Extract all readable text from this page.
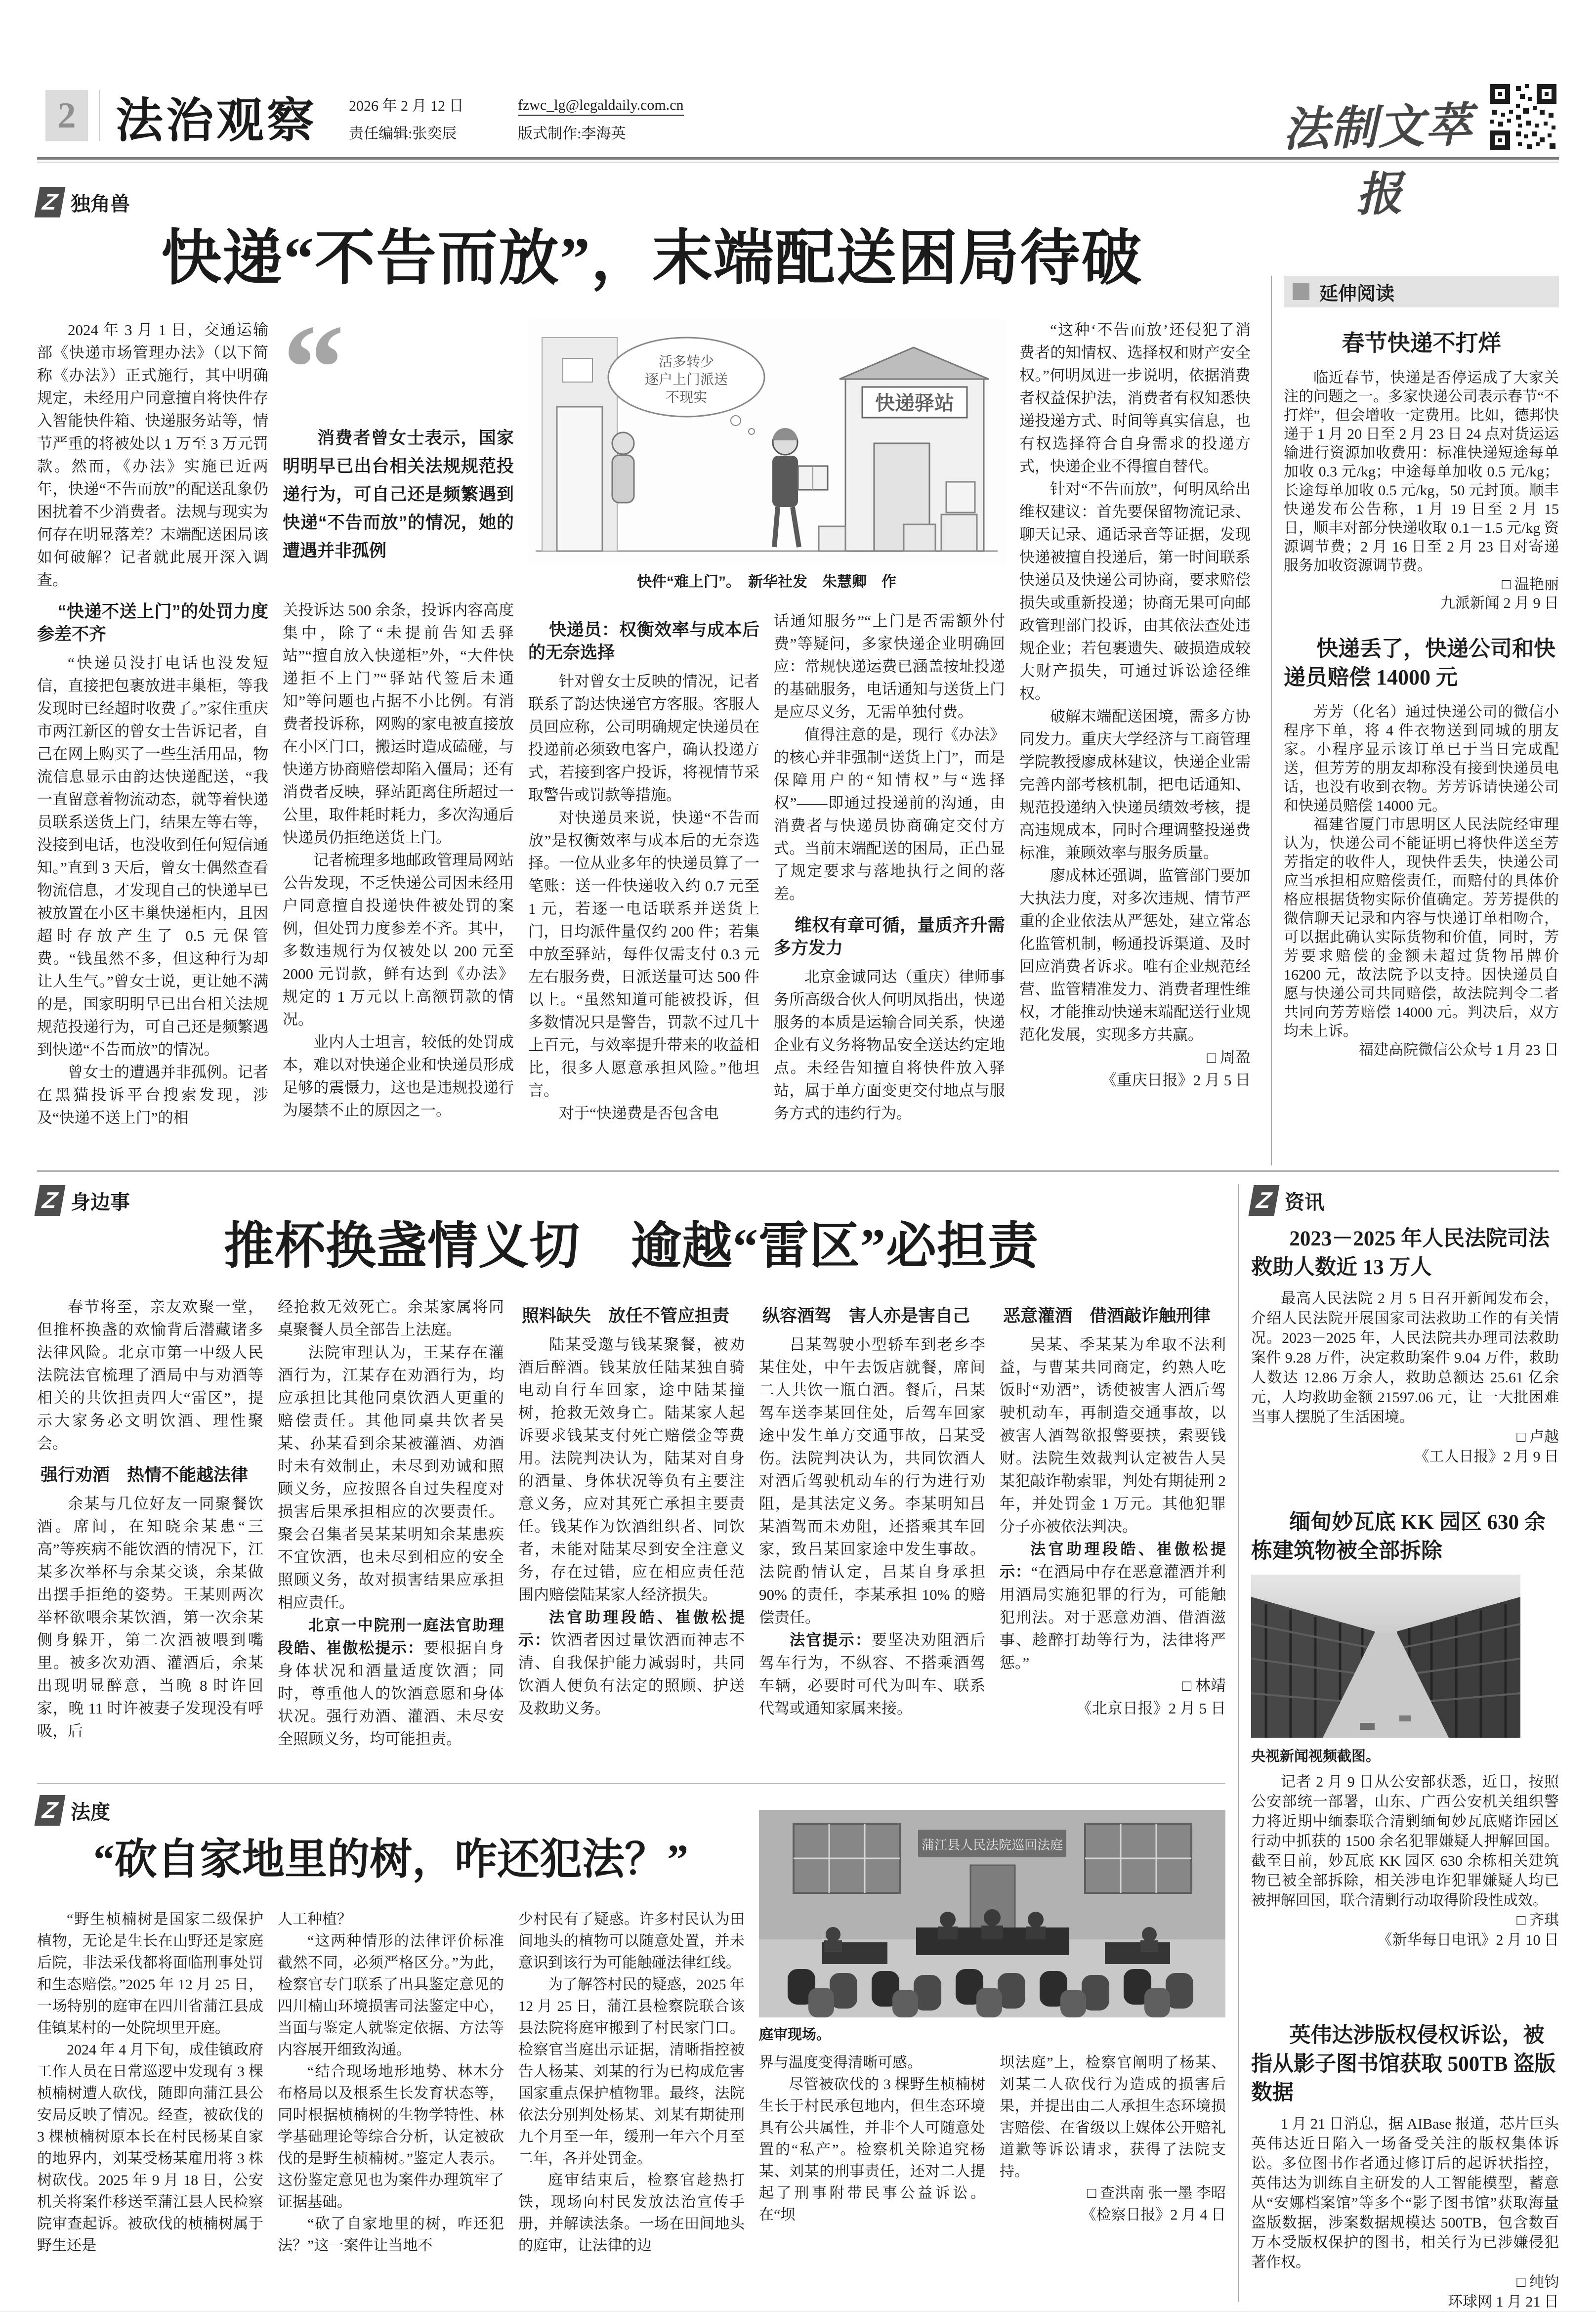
2 法治观察 2026 年 2 月 12 日
责任编辑:张奕辰
fzwc_lg@legaldaily.com.cn
版式制作:李海英	法制文萃报
Z 独角兽
快递“不告而放”，末端配送困局待破

2024 年 3 月 1 日，交通运输部《快递市场管理办法》（以下简称《办法》）正式施行，其中明确规定，未经用户同意擅自将快件存入智能快件箱、快递服务站等，情节严重的将被处以 1 万至 3 万元罚款。然而，《办法》实施已近两年，快递“不告而放”的配送乱象仍困扰着不少消费者。法规与现实为何存在明显落差？末端配送困局该如何破解？记者就此展开深入调查。

“快递不送上门”的处罚力度参差不齐

“快递员没打电话也没发短信，直接把包裹放进丰巢柜，等我发现时已经超时收费了。”家住重庆市两江新区的曾女士告诉记者，自己在网上购买了一些生活用品，物流信息显示由韵达快递配送，“我一直留意着物流动态，就等着快递员联系送货上门，结果左等右等，没接到电话，也没收到任何短信通知。”直到 3 天后，曾女士偶然查看物流信息，才发现自己的快递早已被放置在小区丰巢快递柜内，且因超时存放产生了 0.5 元保管费。“钱虽然不多，但这种行为却让人生气。”曾女士说，更让她不满的是，国家明明早已出台相关法规规范投递行为，可自己还是频繁遇到快递“不告而放”的情况。

曾女士的遭遇并非孤例。记者在黑猫投诉平台搜索发现，涉及“快递不送上门”的相

“
消费者曾女士表示，国家明明早已出台相关法规规范投递行为，可自己还是频繁遇到快递“不告而放”的情况，她的遭遇并非孤例

关投诉达 500 余条，投诉内容高度集中，除了“未提前告知丢驿站”“擅自放入快递柜”外，“大件快递拒不上门”“驿站代签后未通知”等问题也占据不小比例。有消费者投诉称，网购的家电被直接放在小区门口，搬运时造成磕碰，与快递方协商赔偿却陷入僵局；还有消费者反映，驿站距离住所超过一公里，取件耗时耗力，多次沟通后快递员仍拒绝送货上门。

记者梳理多地邮政管理局网站公告发现，不乏快递公司因未经用户同意擅自投递快件被处罚的案例，但处罚力度参差不齐。其中，多数违规行为仅被处以 200 元至 2000 元罚款，鲜有达到《办法》规定的 1 万元以上高额罚款的情况。

业内人士坦言，较低的处罚成本，难以对快递企业和快递员形成足够的震慑力，这也是违规投递行为屡禁不止的原因之一。

活多转少
逐户上门派送
不现实	快递驿站
快件“难上门”。　新华社发　朱慧卿　作

快递员：权衡效率与成本后的无奈选择

针对曾女士反映的情况，记者联系了韵达快递官方客服。客服人员回应称，公司明确规定快递员在投递前必须致电客户，确认投递方式，若接到客户投诉，将视情节采取警告或罚款等措施。

对快递员来说，快递“不告而放”是权衡效率与成本后的无奈选择。一位从业多年的快递员算了一笔账：送一件快递收入约 0.7 元至 1 元，若逐一电话联系并送货上门，日均派件量仅约 200 件；若集中放至驿站，每件仅需支付 0.3 元左右服务费，日派送量可达 500 件以上。“虽然知道可能被投诉，但多数情况只是警告，罚款不过几十上百元，与效率提升带来的收益相比，很多人愿意承担风险。”他坦言。

对于“快递费是否包含电

话通知服务”“上门是否需额外付费”等疑问，多家快递企业明确回应：常规快递运费已涵盖按址投递的基础服务，电话通知与送货上门是应尽义务，无需单独付费。

值得注意的是，现行《办法》的核心并非强制“送货上门”，而是保障用户的“知情权”与“选择权”——即通过投递前的沟通，由消费者与快递员协商确定交付方式。当前末端配送的困局，正凸显了规定要求与落地执行之间的落差。

维权有章可循，量质齐升需多方发力

北京金诚同达（重庆）律师事务所高级合伙人何明凤指出，快递服务的本质是运输合同关系，快递企业有义务将物品安全送达约定地点。未经告知擅自将快件放入驿站，属于单方面变更交付地点与服务方式的违约行为。

“这种‘不告而放’还侵犯了消费者的知情权、选择权和财产安全权。”何明凤进一步说明，依据消费者权益保护法，消费者有权知悉快递投递方式、时间等真实信息，也有权选择符合自身需求的投递方式，快递企业不得擅自替代。

针对“不告而放”，何明凤给出维权建议：首先要保留物流记录、聊天记录、通话录音等证据，发现快递被擅自投递后，第一时间联系快递员及快递公司协商，要求赔偿损失或重新投递；协商无果可向邮政管理部门投诉，由其依法查处违规企业；若包裹遗失、破损造成较大财产损失，可通过诉讼途径维权。

破解末端配送困境，需多方协同发力。重庆大学经济与工商管理学院教授廖成林建议，快递企业需完善内部考核机制，把电话通知、规范投递纳入快递员绩效考核，提高违规成本，同时合理调整投递费标准，兼顾效率与服务质量。

廖成林还强调，监管部门要加大执法力度，对多次违规、情节严重的企业依法从严惩处，建立常态化监管机制，畅通投诉渠道、及时回应消费者诉求。唯有企业规范经营、监管精准发力、消费者理性维权，才能推动快递末端配送行业规范化发展，实现多方共赢。

□ 周盈

《重庆日报》2 月 5 日

延伸阅读
春节快递不打烊

临近春节，快递是否停运成了大家关注的问题之一。多家快递公司表示春节“不打烊”，但会增收一定费用。比如，德邦快递于 1 月 20 日至 2 月 23 日 24 点对货运运输进行资源加收费用：标准快递短途每单加收 0.3 元/kg；中途每单加收 0.5 元/kg；长途每单加收 0.5 元/kg，50 元封顶。顺丰快递发布公告称，1 月 19 日至 2 月 15 日，顺丰对部分快递收取 0.1－1.5 元/kg 资源调节费；2 月 16 日至 2 月 23 日对寄递服务加收资源调节费。

□ 温艳丽

九派新闻 2 月 9 日

快递丢了，快递公司和快递员赔偿 14000 元

芳芳（化名）通过快递公司的微信小程序下单，将 4 件衣物送到同城的朋友家。小程序显示该订单已于当日完成配送，但芳芳的朋友却称没有接到快递员电话，也没有收到衣物。芳芳诉请快递公司和快递员赔偿 14000 元。

福建省厦门市思明区人民法院经审理认为，快递公司不能证明已将快件送至芳芳指定的收件人，现快件丢失，快递公司应当承担相应赔偿责任，而赔付的具体价格应根据货物实际价值确定。芳芳提供的微信聊天记录和内容与快递订单相吻合，可以据此确认实际货物和价值，同时，芳芳要求赔偿的金额未超过货物吊牌价 16200 元，故法院予以支持。因快递员自愿与快递公司共同赔偿，故法院判令二者共同向芳芳赔偿 14000 元。判决后，双方均未上诉。

福建高院微信公众号 1 月 23 日

Z 身边事
推杯换盏情义切　逾越“雷区”必担责

春节将至，亲友欢聚一堂，但推杯换盏的欢愉背后潜藏诸多法律风险。北京市第一中级人民法院法官梳理了酒局中与劝酒等相关的共饮担责四大“雷区”，提示大家务必文明饮酒、理性聚会。

强行劝酒　热情不能越法律

余某与几位好友一同聚餐饮酒。席间，在知晓余某患“三高”等疾病不能饮酒的情况下，江某多次举杯与余某交谈，余某做出摆手拒绝的姿势。王某则两次举杯欲喂余某饮酒，第一次余某侧身躲开，第二次酒被喂到嘴里。被多次劝酒、灌酒后，余某出现明显醉意，当晚 8 时许回家，晚 11 时许被妻子发现没有呼吸，后

经抢救无效死亡。余某家属将同桌聚餐人员全部告上法庭。

法院审理认为，王某存在灌酒行为，江某存在劝酒行为，均应承担比其他同桌饮酒人更重的赔偿责任。其他同桌共饮者吴某、孙某看到余某被灌酒、劝酒时未有效制止，未尽到劝诫和照顾义务，应按照各自过失程度对损害后果承担相应的次要责任。聚会召集者吴某某明知余某患疾不宜饮酒，也未尽到相应的安全照顾义务，故对损害结果应承担相应责任。

北京一中院刑一庭法官助理段皓、崔傲松提示：要根据自身身体状况和酒量适度饮酒；同时，尊重他人的饮酒意愿和身体状况。强行劝酒、灌酒、未尽安全照顾义务，均可能担责。

照料缺失　放任不管应担责

陆某受邀与钱某聚餐，被劝酒后醉酒。钱某放任陆某独自骑电动自行车回家，途中陆某撞树，抢救无效身亡。陆某家人起诉要求钱某支付死亡赔偿金等费用。法院判决认为，陆某对自身的酒量、身体状况等负有主要注意义务，应对其死亡承担主要责任。钱某作为饮酒组织者、同饮者，未能对陆某尽到安全注意义务，存在过错，应在相应责任范围内赔偿陆某家人经济损失。

法官助理段皓、崔傲松提示：饮酒者因过量饮酒而神志不清、自我保护能力减弱时，共同饮酒人便负有法定的照顾、护送及救助义务。

纵容酒驾　害人亦是害自己

吕某驾驶小型轿车到老乡李某住处，中午去饭店就餐，席间二人共饮一瓶白酒。餐后，吕某驾车送李某回住处，后驾车回家途中发生单方交通事故，吕某受伤。法院判决认为，共同饮酒人对酒后驾驶机动车的行为进行劝阻，是其法定义务。李某明知吕某酒驾而未劝阻，还搭乘其车回家，致吕某回家途中发生事故。法院酌情认定，吕某自身承担 90% 的责任，李某承担 10% 的赔偿责任。

法官提示：要坚决劝阻酒后驾车行为，不纵容、不搭乘酒驾车辆，必要时可代为叫车、联系代驾或通知家属来接。

恶意灌酒　借酒敲诈触刑律

吴某、季某某为牟取不法利益，与曹某共同商定，约熟人吃饭时“劝酒”，诱使被害人酒后驾驶机动车，再制造交通事故，以被害人酒驾欲报警要挟，索要钱财。法院生效裁判认定被告人吴某犯敲诈勒索罪，判处有期徒刑 2 年，并处罚金 1 万元。其他犯罪分子亦被依法判决。

法官助理段皓、崔傲松提示：“在酒局中存在恶意灌酒并利用酒局实施犯罪的行为，可能触犯刑法。对于恶意劝酒、借酒滋事、趁醉打劫等行为，法律将严惩。”

□ 林靖

《北京日报》2 月 5 日

Z 资讯
2023－2025 年人民法院司法救助人数近 13 万人

最高人民法院 2 月 5 日召开新闻发布会，介绍人民法院开展国家司法救助工作的有关情况。2023－2025 年，人民法院共办理司法救助案件 9.28 万件，决定救助案件 9.04 万件，救助人数达 12.86 万余人，救助总额达 25.61 亿余元，人均救助金额 21597.06 元，让一大批困难当事人摆脱了生活困境。

□ 卢越

《工人日报》2 月 9 日

缅甸妙瓦底 KK 园区 630 余栋建筑物被全部拆除
央视新闻视频截图。

记者 2 月 9 日从公安部获悉，近日，按照公安部统一部署，山东、广西公安机关组织警力将近期中缅泰联合清剿缅甸妙瓦底赌诈园区行动中抓获的 1500 余名犯罪嫌疑人押解回国。截至目前，妙瓦底 KK 园区 630 余栋相关建筑物已被全部拆除，相关涉电诈犯罪嫌疑人均已被押解回国，联合清剿行动取得阶段性成效。

□ 齐琪

《新华每日电讯》2 月 10 日

英伟达涉版权侵权诉讼，被指从影子图书馆获取 500TB 盗版数据

1 月 21 日消息，据 AIBase 报道，芯片巨头英伟达近日陷入一场备受关注的版权集体诉讼。多位图书作者通过修订后的起诉状指控，英伟达为训练自主研发的人工智能模型，蓄意从“安娜档案馆”等多个“影子图书馆”获取海量盗版数据，涉案数据规模达 500TB，包含数百万本受版权保护的图书，相关行为已涉嫌侵犯著作权。

□ 纯钧

环球网 1 月 21 日

Z 法度
“砍自家地里的树，咋还犯法？”

“野生桢楠树是国家二级保护植物，无论是生长在山野还是家庭后院，非法采伐都将面临刑事处罚和生态赔偿。”2025 年 12 月 25 日，一场特别的庭审在四川省蒲江县成佳镇某村的一处院坝里开庭。

2024 年 4 月下旬，成佳镇政府工作人员在日常巡逻中发现有 3 棵桢楠树遭人砍伐，随即向蒲江县公安局反映了情况。经查，被砍伐的 3 棵桢楠树原本长在村民杨某自家的地界内，刘某受杨某雇用将 3 株树砍伐。2025 年 9 月 18 日，公安机关将案件移送至蒲江县人民检察院审查起诉。被砍伐的桢楠树属于野生还是

人工种植？

“这两种情形的法律评价标准截然不同，必须严格区分。”为此，检察官专门联系了出具鉴定意见的四川楠山环境损害司法鉴定中心，当面与鉴定人就鉴定依据、方法等内容展开细致沟通。

“结合现场地形地势、林木分布格局以及根系生长发育状态等，同时根据桢楠树的生物学特性、林学基础理论等综合分析，认定被砍伐的是野生桢楠树。”鉴定人表示。这份鉴定意见也为案件办理筑牢了证据基础。

“砍了自家地里的树，咋还犯法？”这一案件让当地不

少村民有了疑惑。许多村民认为田间地头的植物可以随意处置，并未意识到该行为可能触碰法律红线。

为了解答村民的疑惑，2025 年 12 月 25 日，蒲江县检察院联合该县法院将庭审搬到了村民家门口。检察官当庭出示证据，清晰指控被告人杨某、刘某的行为已构成危害国家重点保护植物罪。最终，法院依法分别判处杨某、刘某有期徒刑九个月至一年，缓刑一年六个月至二年，各并处罚金。

庭审结束后，检察官趁热打铁，现场向村民发放法治宣传手册，并解读法条。一场在田间地头的庭审，让法律的边

蒲江县人民法院巡回法庭
庭审现场。

界与温度变得清晰可感。

尽管被砍伐的 3 棵野生桢楠树生长于村民承包地内，但生态环境具有公共属性，并非个人可随意处置的“私产”。检察机关除追究杨某、刘某的刑事责任，还对二人提起了刑事附带民事公益诉讼。在“坝

坝法庭”上，检察官阐明了杨某、刘某二人砍伐行为造成的损害后果，并提出由二人承担生态环境损害赔偿、在省级以上媒体公开赔礼道歉等诉讼请求，获得了法院支持。

□ 查洪南 张一墨 李昭

《检察日报》2 月 4 日
